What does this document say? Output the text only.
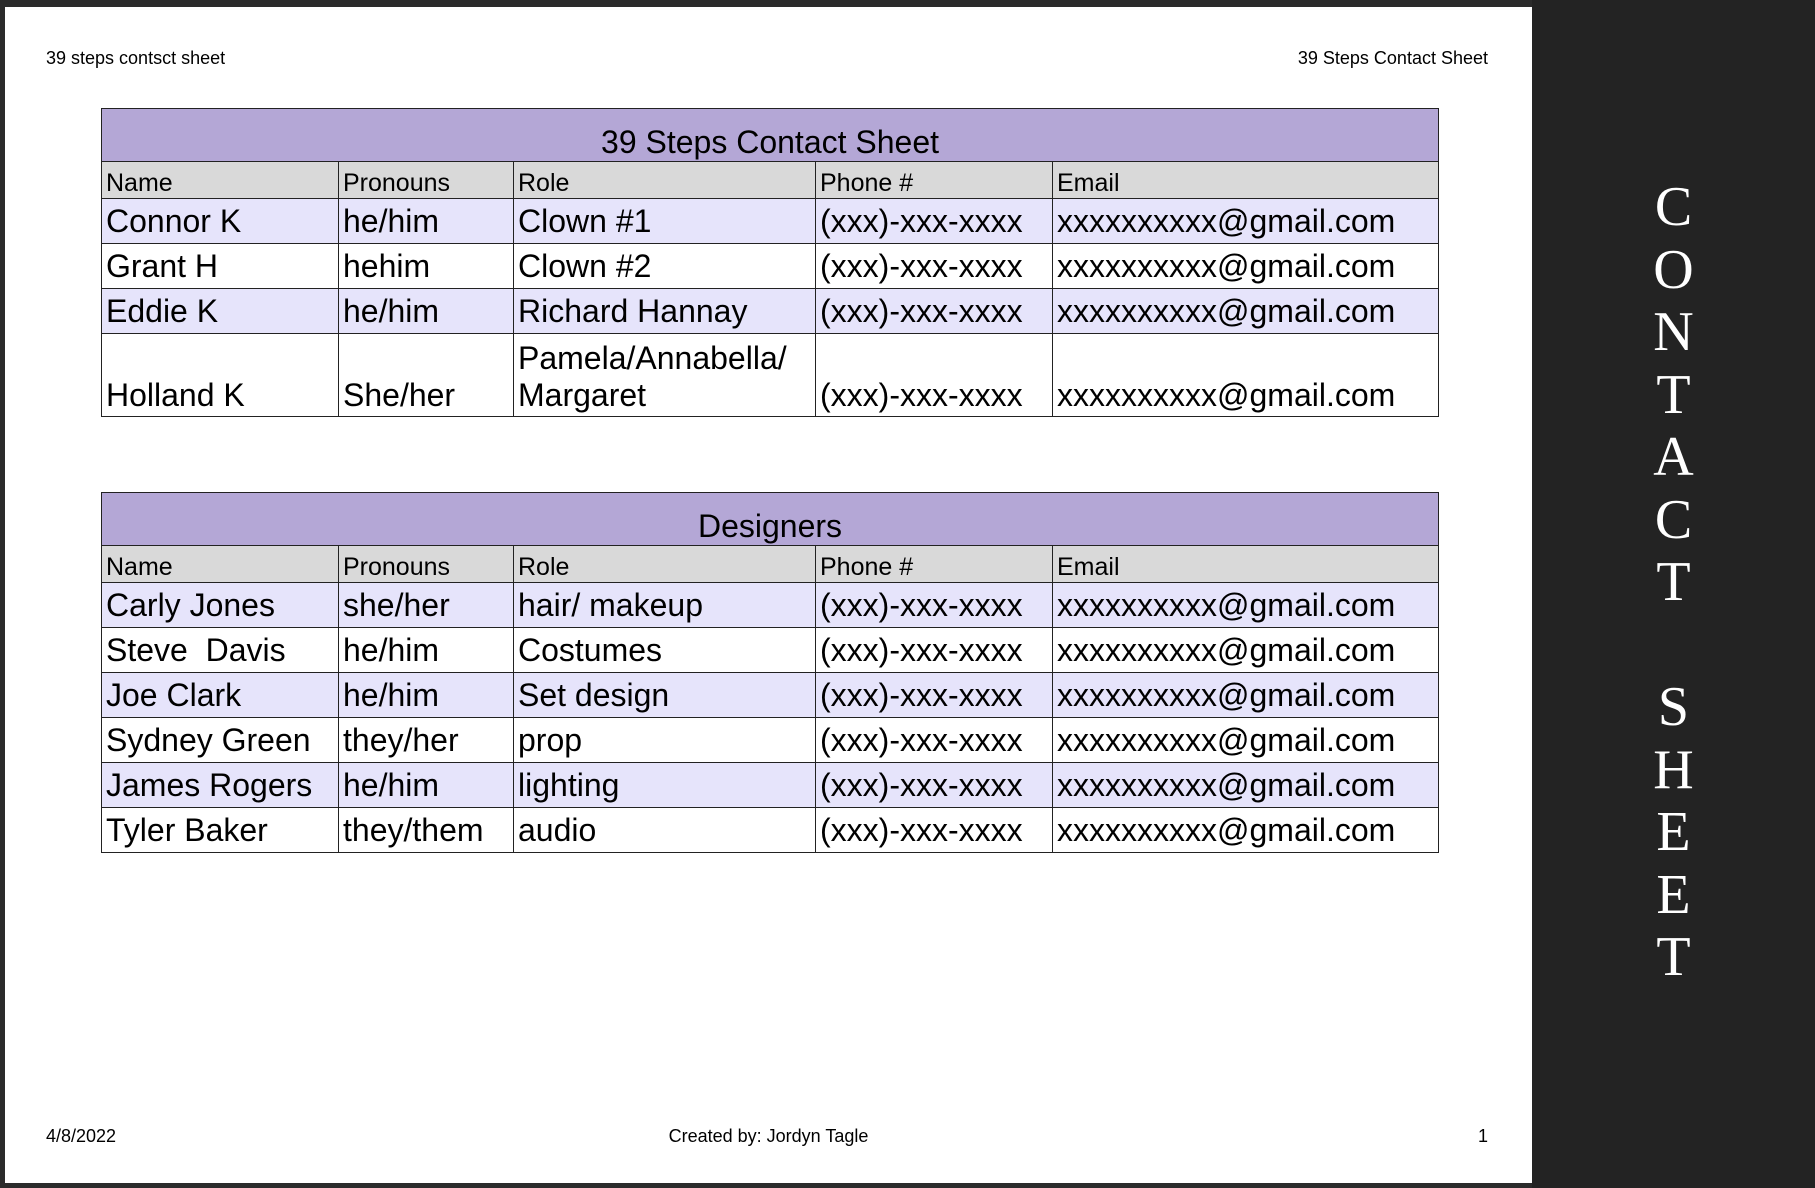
39 steps contsct sheet	39 Steps Contact Sheet
39 Steps Contact Sheet				
Name	Pronouns	Role	Phone #	Email
Connor K	he/him	Clown #1	(xxx)-xxx-xxxx	xxxxxxxxxx@gmail.com
Grant H	hehim	Clown #2	(xxx)-xxx-xxxx	xxxxxxxxxx@gmail.com
Eddie K	he/him	Richard Hannay	(xxx)-xxx-xxxx	xxxxxxxxxx@gmail.com
Holland K	She/her	Pamela/Annabella/ Margaret	(xxx)-xxx-xxxx	xxxxxxxxxx@gmail.com
Designers				
Name	Pronouns	Role	Phone #	Email
Carly Jones	she/her	hair/ makeup	(xxx)-xxx-xxxx	xxxxxxxxxx@gmail.com
Steve  Davis	he/him	Costumes	(xxx)-xxx-xxxx	xxxxxxxxxx@gmail.com
Joe Clark	he/him	Set design	(xxx)-xxx-xxxx	xxxxxxxxxx@gmail.com
Sydney Green	they/her	prop	(xxx)-xxx-xxxx	xxxxxxxxxx@gmail.com
James Rogers	he/him	lighting	(xxx)-xxx-xxxx	xxxxxxxxxx@gmail.com
Tyler Baker	they/them	audio	(xxx)-xxx-xxxx	xxxxxxxxxx@gmail.com
4/8/2022	Created by: Jordyn Tagle	1
C
O
N
T
A
C
T
S
H
E
E
T
